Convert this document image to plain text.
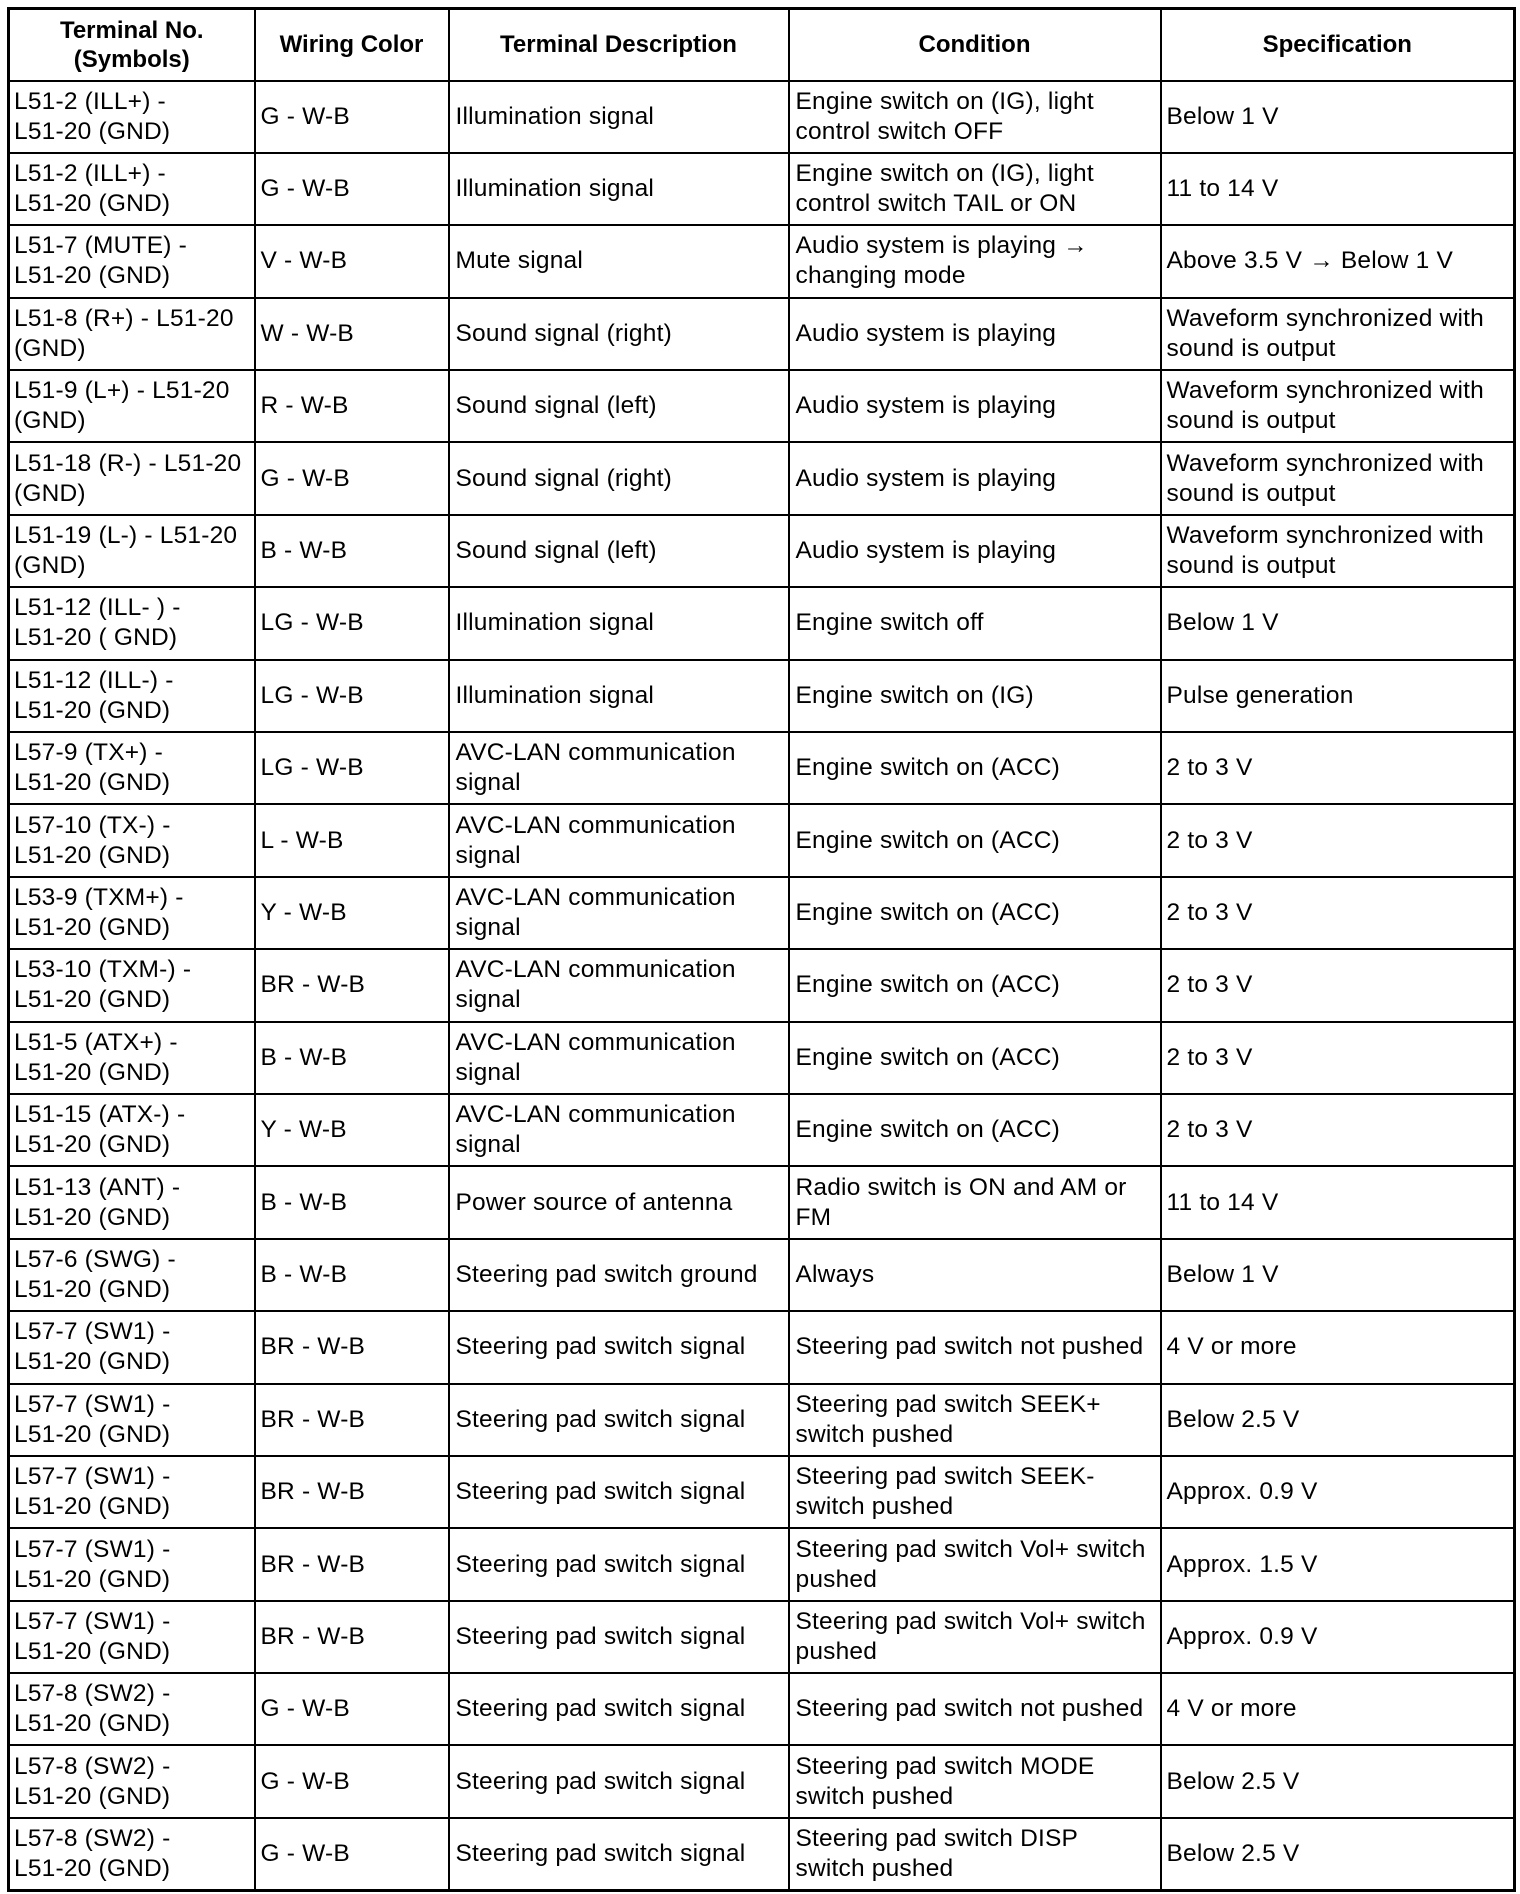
Terminal No.
(Symbols)	Wiring Color	Terminal Description	Condition	Specification

L51-2 (ILL+) -
L51-20 (GND)	G - W-B	Illumination signal	Engine switch on (IG), light
control switch OFF	Below 1 V

L51-2 (ILL+) -
L51-20 (GND)	G - W-B	Illumination signal	Engine switch on (IG), light
control switch TAIL or ON	11 to 14 V

L51-7 (MUTE) -
L51-20 (GND)	V - W-B	Mute signal	Audio system is playing →
changing mode	Above 3.5 V → Below 1 V

L51-8 (R+) - L51-20
(GND)	W - W-B	Sound signal (right)	Audio system is playing	Waveform synchronized with
sound is output

L51-9 (L+) - L51-20
(GND)	R - W-B	Sound signal (left)	Audio system is playing	Waveform synchronized with
sound is output

L51-18 (R-) - L51-20
(GND)	G - W-B	Sound signal (right)	Audio system is playing	Waveform synchronized with
sound is output

L51-19 (L-) - L51-20
(GND)	B - W-B	Sound signal (left)	Audio system is playing	Waveform synchronized with
sound is output

L51-12 (ILL- ) -
L51-20 ( GND)	LG - W-B	Illumination signal	Engine switch off	Below 1 V

L51-12 (ILL-) -
L51-20 (GND)	LG - W-B	Illumination signal	Engine switch on (IG)	Pulse generation

L57-9 (TX+) -
L51-20 (GND)	LG - W-B	AVC-LAN communication
signal	Engine switch on (ACC)	2 to 3 V

L57-10 (TX-) -
L51-20 (GND)	L - W-B	AVC-LAN communication
signal	Engine switch on (ACC)	2 to 3 V

L53-9 (TXM+) -
L51-20 (GND)	Y - W-B	AVC-LAN communication
signal	Engine switch on (ACC)	2 to 3 V

L53-10 (TXM-) -
L51-20 (GND)	BR - W-B	AVC-LAN communication
signal	Engine switch on (ACC)	2 to 3 V

L51-5 (ATX+) -
L51-20 (GND)	B - W-B	AVC-LAN communication
signal	Engine switch on (ACC)	2 to 3 V

L51-15 (ATX-) -
L51-20 (GND)	Y - W-B	AVC-LAN communication
signal	Engine switch on (ACC)	2 to 3 V

L51-13 (ANT) -
L51-20 (GND)	B - W-B	Power source of antenna	Radio switch is ON and AM or
FM	11 to 14 V

L57-6 (SWG) -
L51-20 (GND)	B - W-B	Steering pad switch ground	Always	Below 1 V

L57-7 (SW1) -
L51-20 (GND)	BR - W-B	Steering pad switch signal	Steering pad switch not pushed	4 V or more

L57-7 (SW1) -
L51-20 (GND)	BR - W-B	Steering pad switch signal	Steering pad switch SEEK+
switch pushed	Below 2.5 V

L57-7 (SW1) -
L51-20 (GND)	BR - W-B	Steering pad switch signal	Steering pad switch SEEK-
switch pushed	Approx. 0.9 V

L57-7 (SW1) -
L51-20 (GND)	BR - W-B	Steering pad switch signal	Steering pad switch Vol+ switch
pushed	Approx. 1.5 V

L57-7 (SW1) -
L51-20 (GND)	BR - W-B	Steering pad switch signal	Steering pad switch Vol+ switch
pushed	Approx. 0.9 V

L57-8 (SW2) -
L51-20 (GND)	G - W-B	Steering pad switch signal	Steering pad switch not pushed	4 V or more

L57-8 (SW2) -
L51-20 (GND)	G - W-B	Steering pad switch signal	Steering pad switch MODE
switch pushed	Below 2.5 V

L57-8 (SW2) -
L51-20 (GND)	G - W-B	Steering pad switch signal	Steering pad switch DISP
switch pushed	Below 2.5 V
